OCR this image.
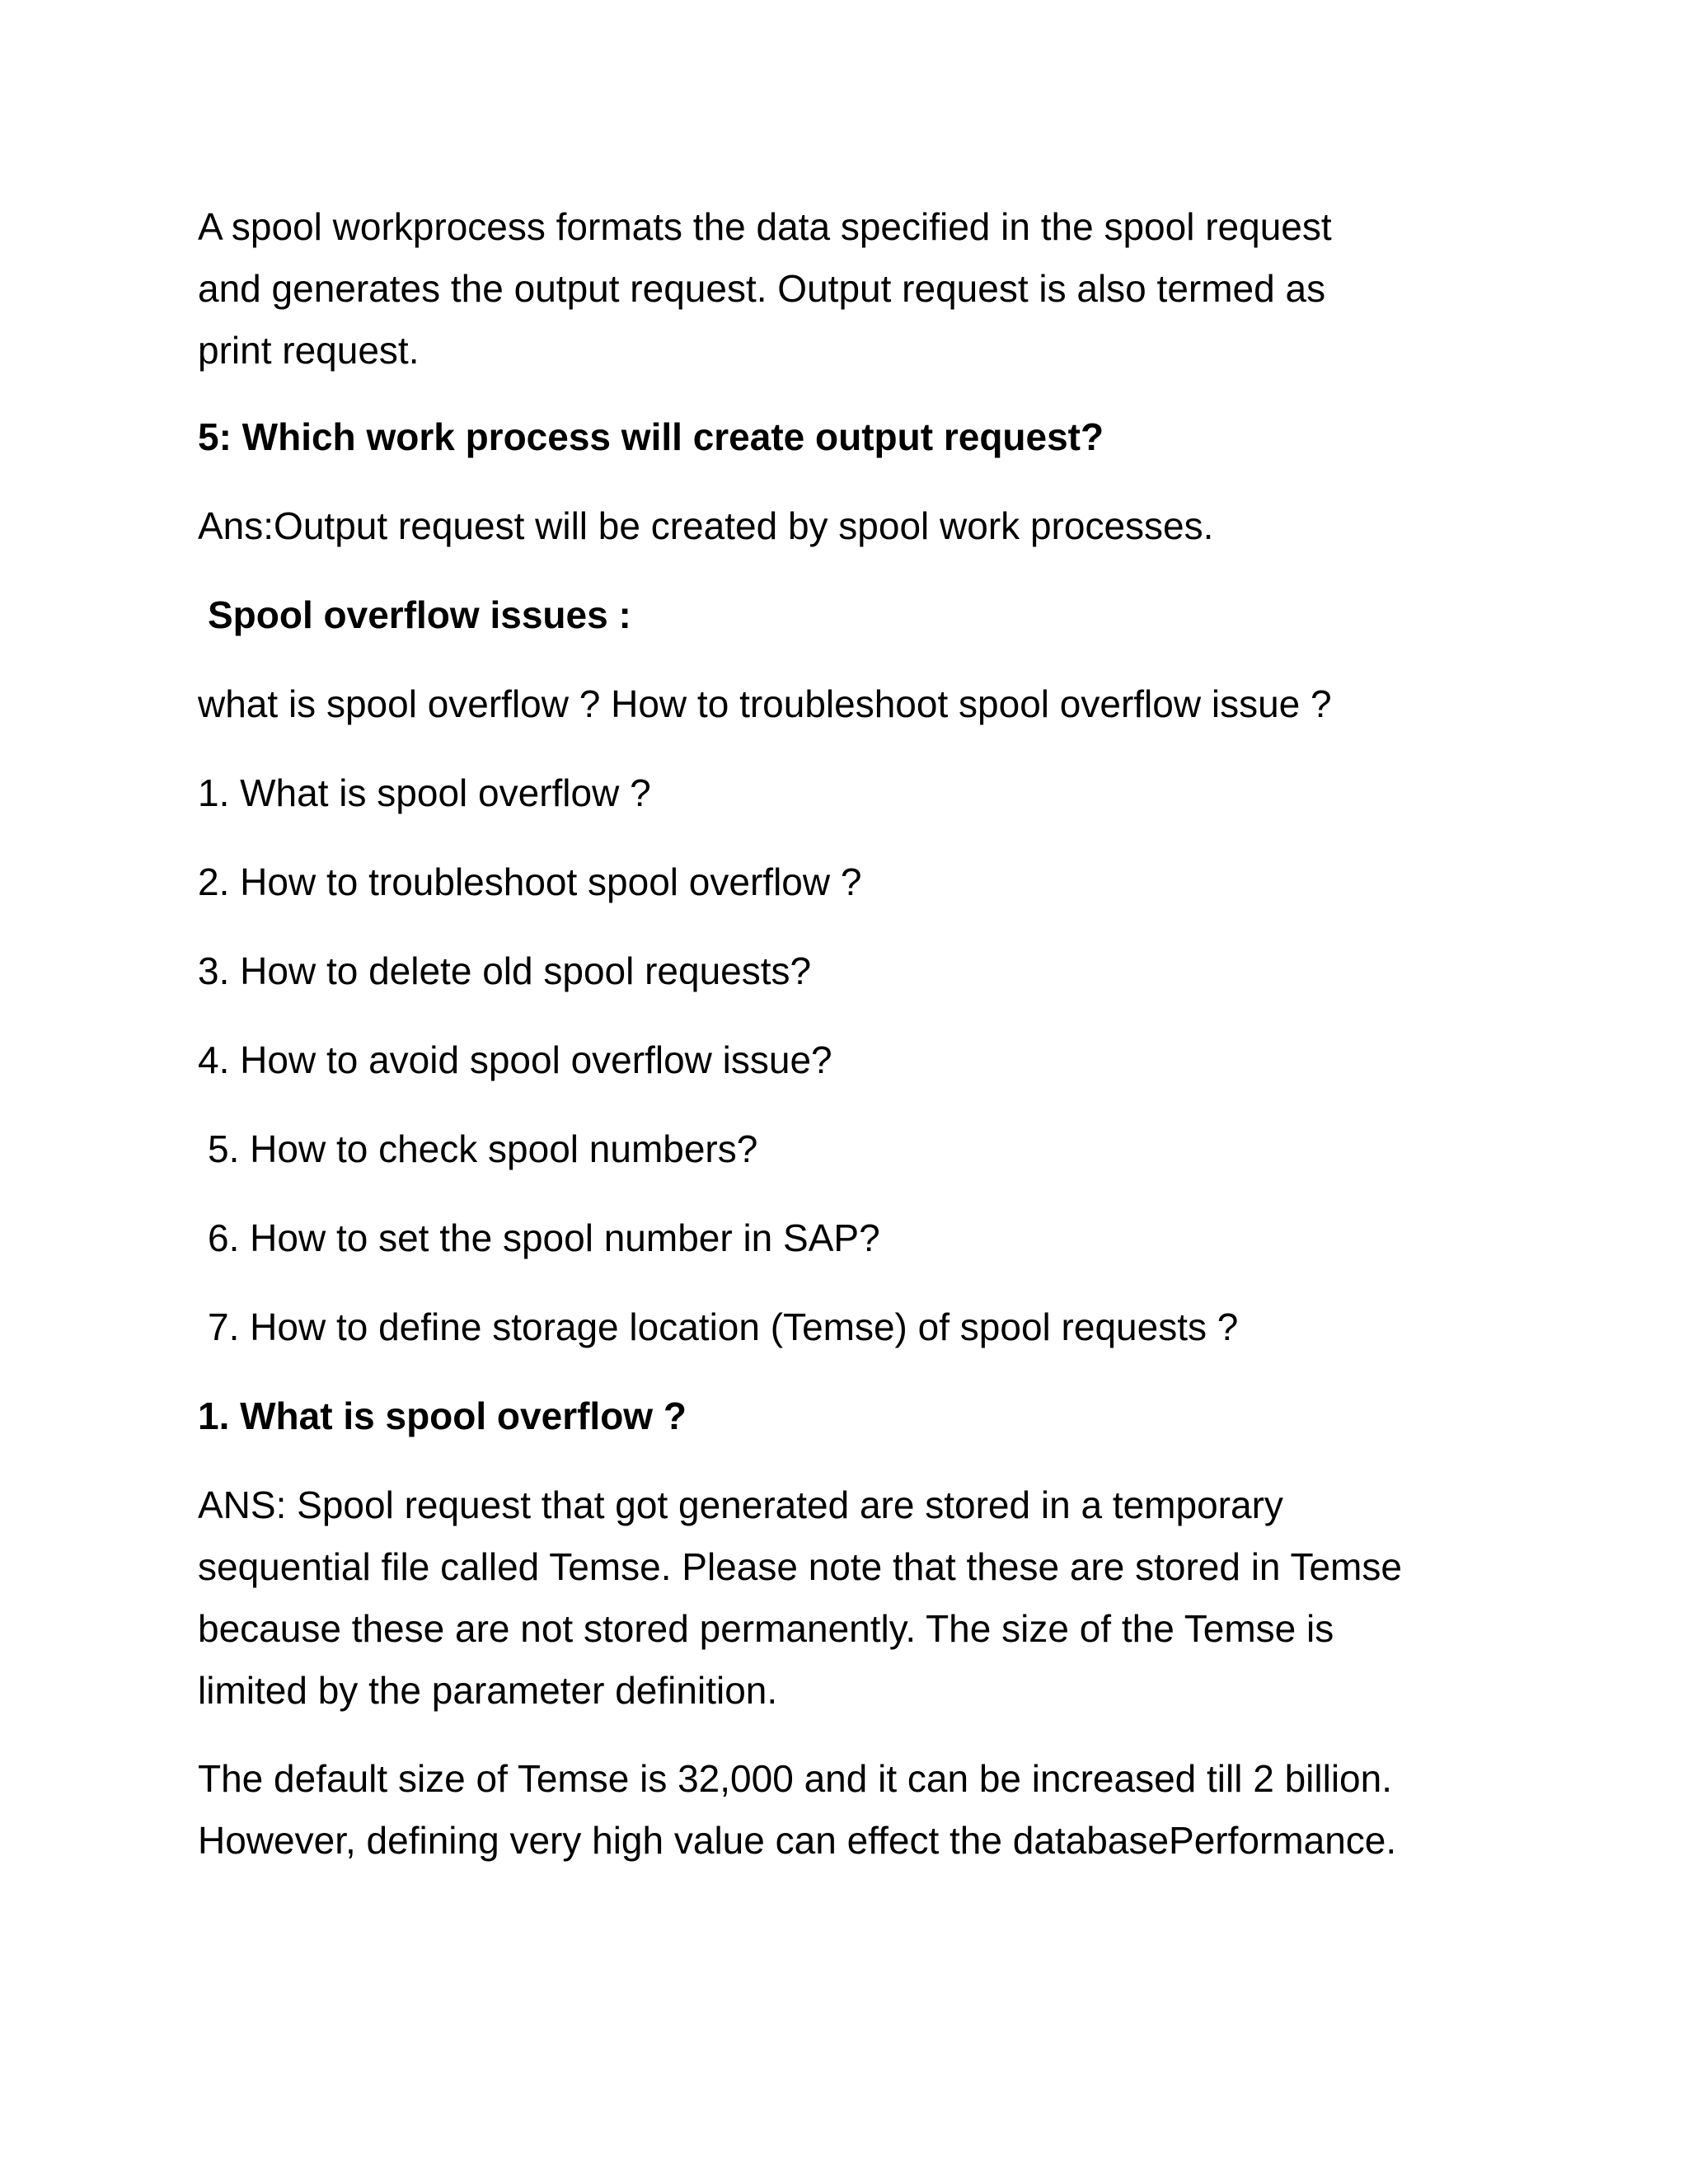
A spool workprocess formats the data specified in the spool request

and generates the output request. Output request is also termed as

print request.

5: Which work process will create output request?

Ans:Output request will be created by spool work processes.

Spool overflow issues :

what is spool overflow ? How to troubleshoot spool overflow issue ?

1. What is spool overflow ?

2. How to troubleshoot spool overflow ?

3. How to delete old spool requests?

4. How to avoid spool overflow issue?

5. How to check spool numbers?

6. How to set the spool number in SAP?

7. How to define storage location (Temse) of spool requests ?

1. What is spool overflow ?

ANS: Spool request that got generated are stored in a temporary

sequential file called Temse. Please note that these are stored in Temse

because these are not stored permanently. The size of the Temse is

limited by the parameter definition.

The default size of Temse is 32,000 and it can be increased till 2 billion.

However, defining very high value can effect the databasePerformance.
